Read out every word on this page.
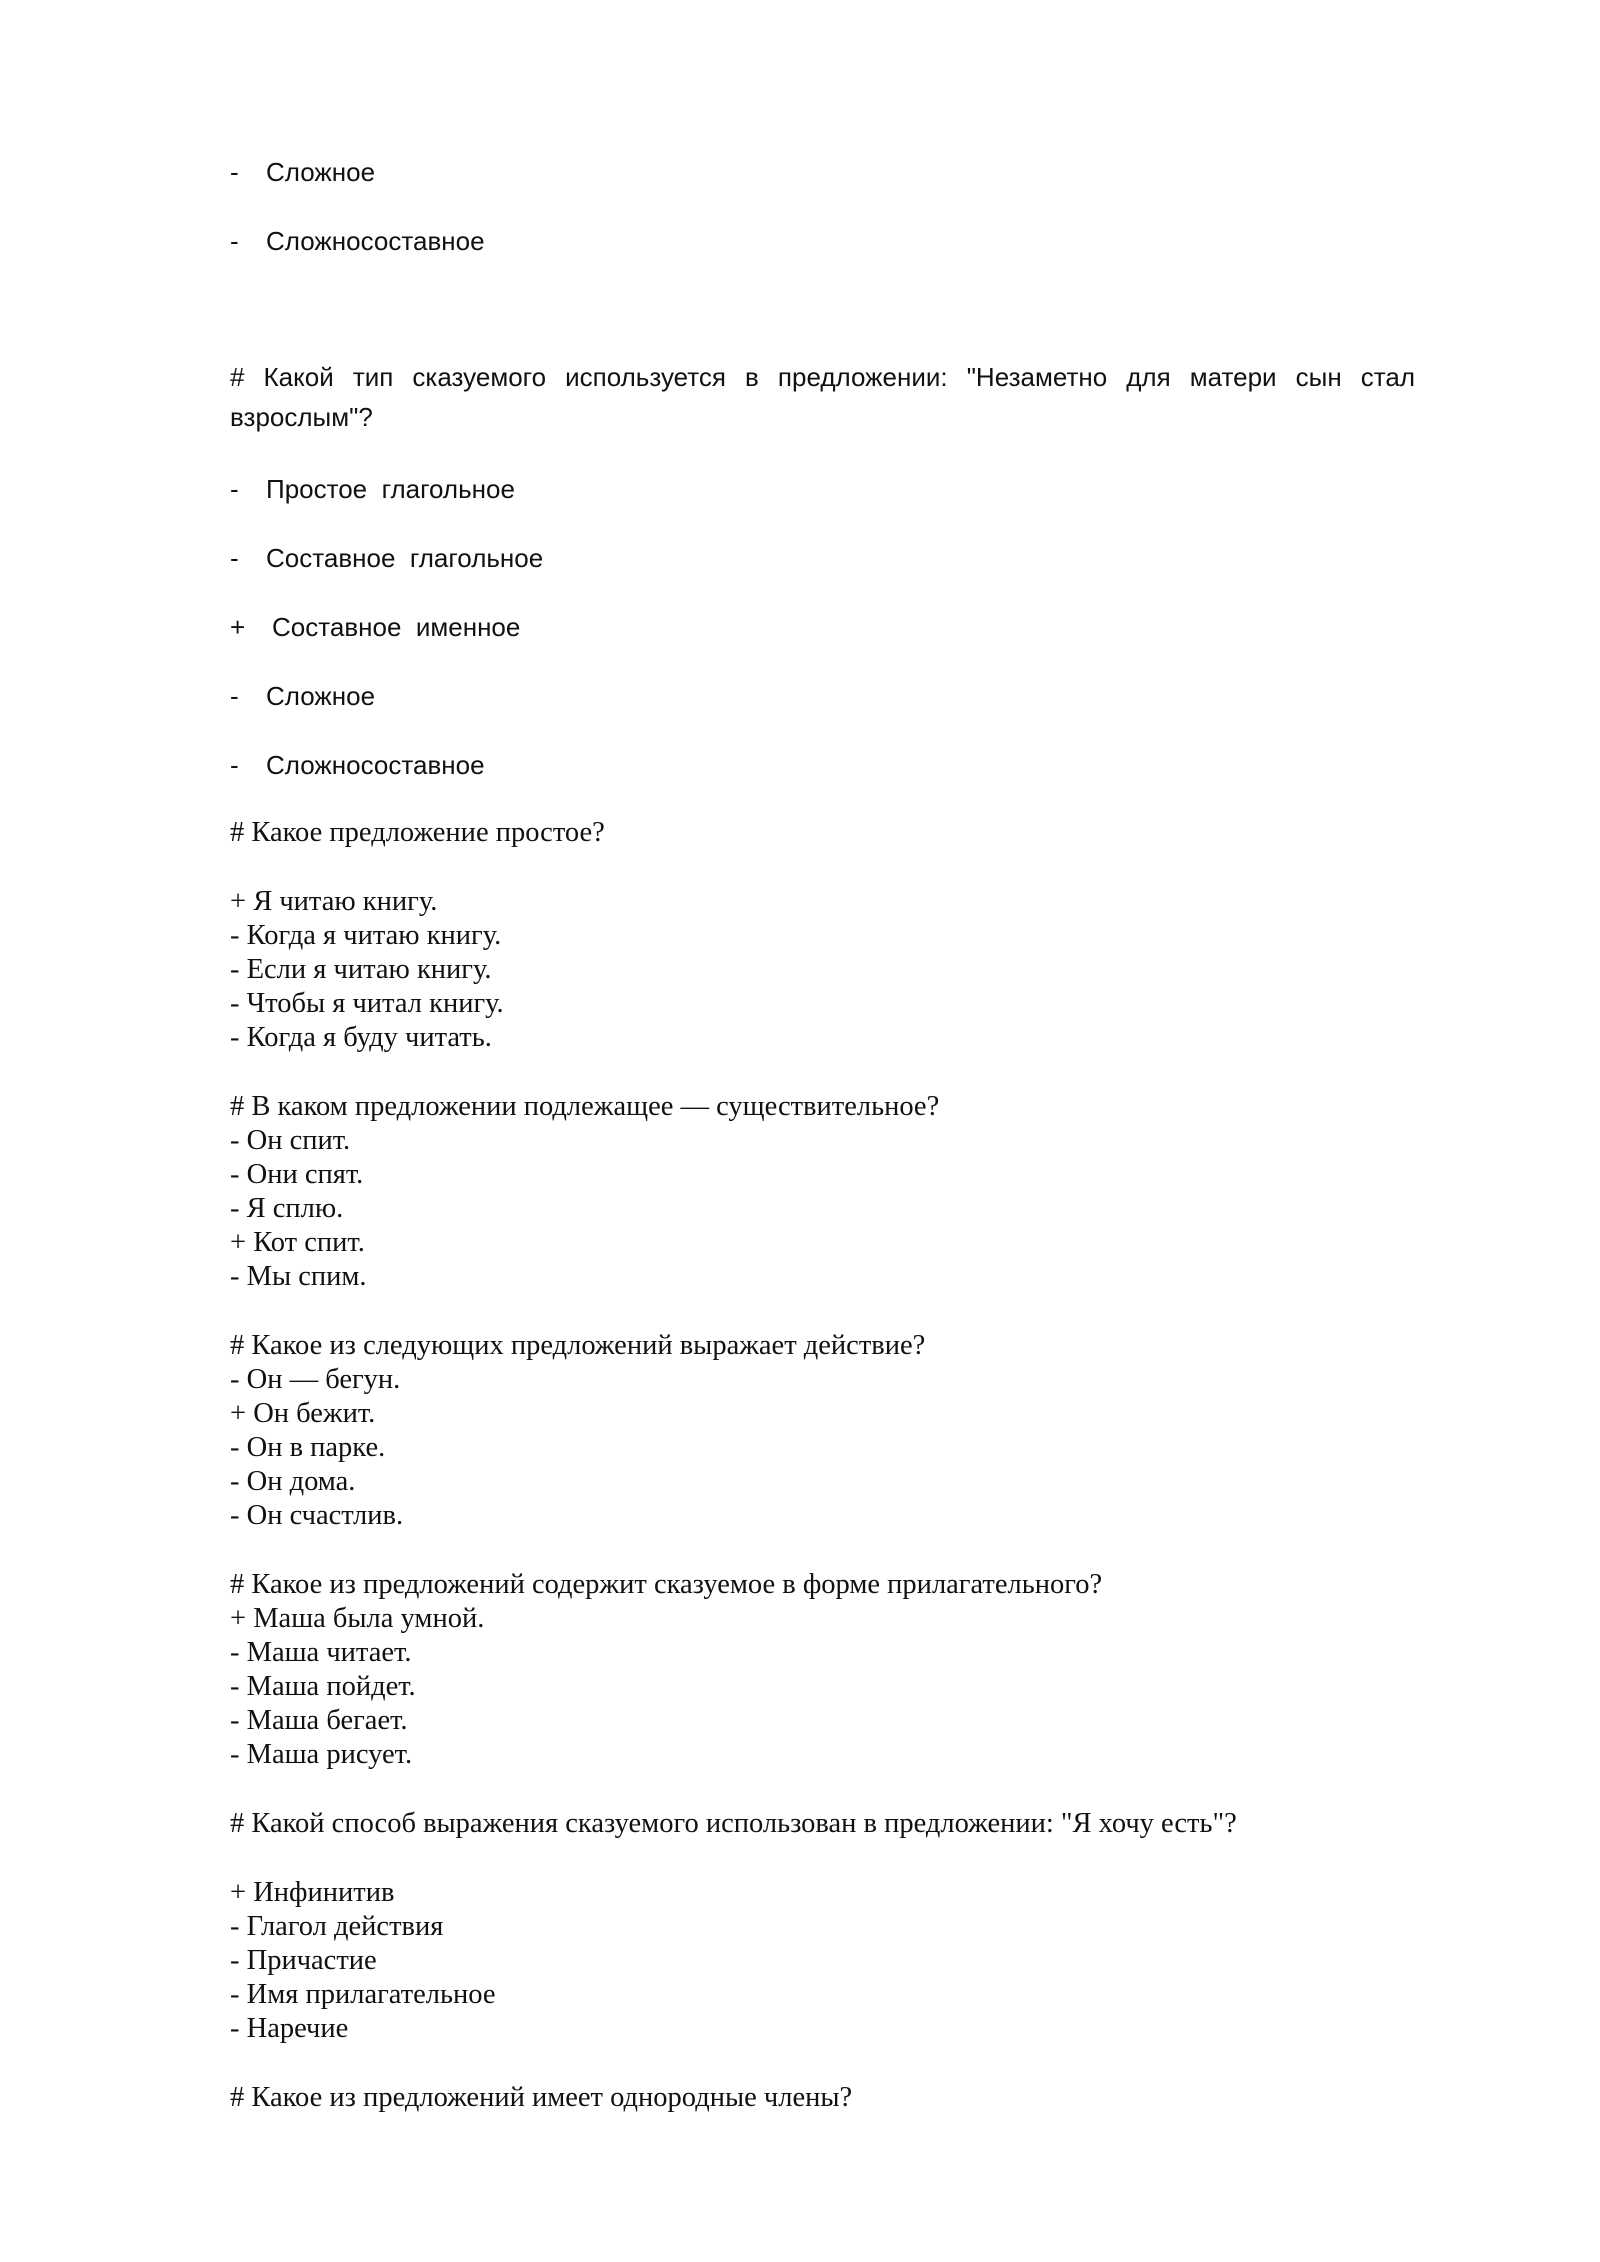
- Сложное
- Сложносоставное
# Какой тип сказуемого используется в предложении: "Незаметно для матери сын стал взрослым"?
- Простое  глагольное
- Составное  глагольное
+ Составное  именное
- Сложное
- Сложносоставное
# Какое предложение простое?
+ Я читаю книгу.
- Когда я читаю книгу.
- Если я читаю книгу.
- Чтобы я читал книгу.
- Когда я буду читать.
# В каком предложении подлежащее — существительное?
- Он спит.
- Они спят.
- Я сплю.
+ Кот спит.
- Мы спим.
# Какое из следующих предложений выражает действие?
- Он — бегун.
+ Он бежит.
- Он в парке.
- Он дома.
- Он счастлив.
# Какое из предложений содержит сказуемое в форме прилагательного?
+ Маша была умной.
- Маша читает.
- Маша пойдет.
- Маша бегает.
- Маша рисует.
# Какой способ выражения сказуемого использован в предложении: "Я хочу есть"?
+ Инфинитив
- Глагол действия
- Причастие
- Имя прилагательное
- Наречие
# Какое из предложений имеет однородные члены?
